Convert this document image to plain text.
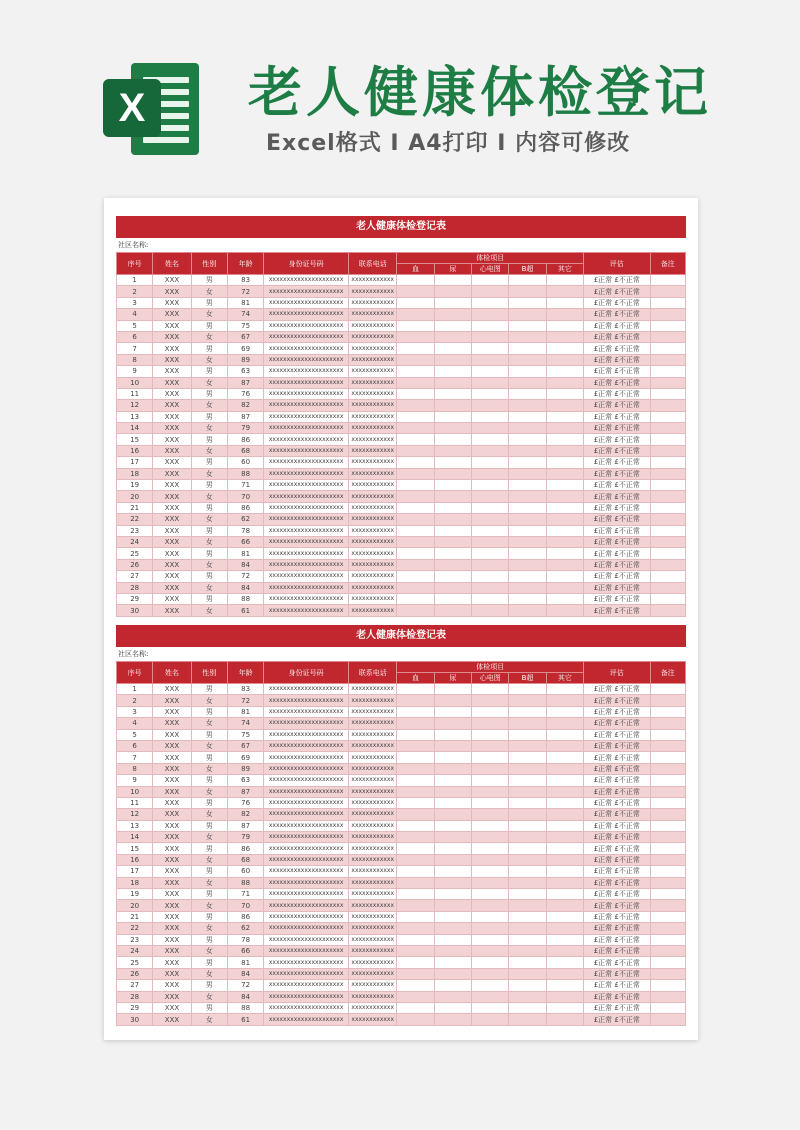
X 老人健康体检登记
Excel格式 I A4打印 I 内容可修改
老人健康体检登记表
社区名称:
序号	姓名	性别	年龄	身份证号码	联系电话	体检项目					评估	备注
						血	尿	心电图	B超	其它		
1	XXX	男	83	xxxxxxxxxxxxxxxxxxxxx	xxxxxxxxxxxx						£正常 £不正常	
2	XXX	女	72	xxxxxxxxxxxxxxxxxxxxx	xxxxxxxxxxxx						£正常 £不正常	
3	XXX	男	81	xxxxxxxxxxxxxxxxxxxxx	xxxxxxxxxxxx						£正常 £不正常	
4	XXX	女	74	xxxxxxxxxxxxxxxxxxxxx	xxxxxxxxxxxx						£正常 £不正常	
5	XXX	男	75	xxxxxxxxxxxxxxxxxxxxx	xxxxxxxxxxxx						£正常 £不正常	
6	XXX	女	67	xxxxxxxxxxxxxxxxxxxxx	xxxxxxxxxxxx						£正常 £不正常	
7	XXX	男	69	xxxxxxxxxxxxxxxxxxxxx	xxxxxxxxxxxx						£正常 £不正常	
8	XXX	女	89	xxxxxxxxxxxxxxxxxxxxx	xxxxxxxxxxxx						£正常 £不正常	
9	XXX	男	63	xxxxxxxxxxxxxxxxxxxxx	xxxxxxxxxxxx						£正常 £不正常	
10	XXX	女	87	xxxxxxxxxxxxxxxxxxxxx	xxxxxxxxxxxx						£正常 £不正常	
11	XXX	男	76	xxxxxxxxxxxxxxxxxxxxx	xxxxxxxxxxxx						£正常 £不正常	
12	XXX	女	82	xxxxxxxxxxxxxxxxxxxxx	xxxxxxxxxxxx						£正常 £不正常	
13	XXX	男	87	xxxxxxxxxxxxxxxxxxxxx	xxxxxxxxxxxx						£正常 £不正常	
14	XXX	女	79	xxxxxxxxxxxxxxxxxxxxx	xxxxxxxxxxxx						£正常 £不正常	
15	XXX	男	86	xxxxxxxxxxxxxxxxxxxxx	xxxxxxxxxxxx						£正常 £不正常	
16	XXX	女	68	xxxxxxxxxxxxxxxxxxxxx	xxxxxxxxxxxx						£正常 £不正常	
17	XXX	男	60	xxxxxxxxxxxxxxxxxxxxx	xxxxxxxxxxxx						£正常 £不正常	
18	XXX	女	88	xxxxxxxxxxxxxxxxxxxxx	xxxxxxxxxxxx						£正常 £不正常	
19	XXX	男	71	xxxxxxxxxxxxxxxxxxxxx	xxxxxxxxxxxx						£正常 £不正常	
20	XXX	女	70	xxxxxxxxxxxxxxxxxxxxx	xxxxxxxxxxxx						£正常 £不正常	
21	XXX	男	86	xxxxxxxxxxxxxxxxxxxxx	xxxxxxxxxxxx						£正常 £不正常	
22	XXX	女	62	xxxxxxxxxxxxxxxxxxxxx	xxxxxxxxxxxx						£正常 £不正常	
23	XXX	男	78	xxxxxxxxxxxxxxxxxxxxx	xxxxxxxxxxxx						£正常 £不正常	
24	XXX	女	66	xxxxxxxxxxxxxxxxxxxxx	xxxxxxxxxxxx						£正常 £不正常	
25	XXX	男	81	xxxxxxxxxxxxxxxxxxxxx	xxxxxxxxxxxx						£正常 £不正常	
26	XXX	女	84	xxxxxxxxxxxxxxxxxxxxx	xxxxxxxxxxxx						£正常 £不正常	
27	XXX	男	72	xxxxxxxxxxxxxxxxxxxxx	xxxxxxxxxxxx						£正常 £不正常	
28	XXX	女	84	xxxxxxxxxxxxxxxxxxxxx	xxxxxxxxxxxx						£正常 £不正常	
29	XXX	男	88	xxxxxxxxxxxxxxxxxxxxx	xxxxxxxxxxxx						£正常 £不正常	
30	XXX	女	61	xxxxxxxxxxxxxxxxxxxxx	xxxxxxxxxxxx						£正常 £不正常	
老人健康体检登记表
社区名称:
序号	姓名	性别	年龄	身份证号码	联系电话	体检项目					评估	备注
						血	尿	心电图	B超	其它		
1	XXX	男	83	xxxxxxxxxxxxxxxxxxxxx	xxxxxxxxxxxx						£正常 £不正常	
2	XXX	女	72	xxxxxxxxxxxxxxxxxxxxx	xxxxxxxxxxxx						£正常 £不正常	
3	XXX	男	81	xxxxxxxxxxxxxxxxxxxxx	xxxxxxxxxxxx						£正常 £不正常	
4	XXX	女	74	xxxxxxxxxxxxxxxxxxxxx	xxxxxxxxxxxx						£正常 £不正常	
5	XXX	男	75	xxxxxxxxxxxxxxxxxxxxx	xxxxxxxxxxxx						£正常 £不正常	
6	XXX	女	67	xxxxxxxxxxxxxxxxxxxxx	xxxxxxxxxxxx						£正常 £不正常	
7	XXX	男	69	xxxxxxxxxxxxxxxxxxxxx	xxxxxxxxxxxx						£正常 £不正常	
8	XXX	女	89	xxxxxxxxxxxxxxxxxxxxx	xxxxxxxxxxxx						£正常 £不正常	
9	XXX	男	63	xxxxxxxxxxxxxxxxxxxxx	xxxxxxxxxxxx						£正常 £不正常	
10	XXX	女	87	xxxxxxxxxxxxxxxxxxxxx	xxxxxxxxxxxx						£正常 £不正常	
11	XXX	男	76	xxxxxxxxxxxxxxxxxxxxx	xxxxxxxxxxxx						£正常 £不正常	
12	XXX	女	82	xxxxxxxxxxxxxxxxxxxxx	xxxxxxxxxxxx						£正常 £不正常	
13	XXX	男	87	xxxxxxxxxxxxxxxxxxxxx	xxxxxxxxxxxx						£正常 £不正常	
14	XXX	女	79	xxxxxxxxxxxxxxxxxxxxx	xxxxxxxxxxxx						£正常 £不正常	
15	XXX	男	86	xxxxxxxxxxxxxxxxxxxxx	xxxxxxxxxxxx						£正常 £不正常	
16	XXX	女	68	xxxxxxxxxxxxxxxxxxxxx	xxxxxxxxxxxx						£正常 £不正常	
17	XXX	男	60	xxxxxxxxxxxxxxxxxxxxx	xxxxxxxxxxxx						£正常 £不正常	
18	XXX	女	88	xxxxxxxxxxxxxxxxxxxxx	xxxxxxxxxxxx						£正常 £不正常	
19	XXX	男	71	xxxxxxxxxxxxxxxxxxxxx	xxxxxxxxxxxx						£正常 £不正常	
20	XXX	女	70	xxxxxxxxxxxxxxxxxxxxx	xxxxxxxxxxxx						£正常 £不正常	
21	XXX	男	86	xxxxxxxxxxxxxxxxxxxxx	xxxxxxxxxxxx						£正常 £不正常	
22	XXX	女	62	xxxxxxxxxxxxxxxxxxxxx	xxxxxxxxxxxx						£正常 £不正常	
23	XXX	男	78	xxxxxxxxxxxxxxxxxxxxx	xxxxxxxxxxxx						£正常 £不正常	
24	XXX	女	66	xxxxxxxxxxxxxxxxxxxxx	xxxxxxxxxxxx						£正常 £不正常	
25	XXX	男	81	xxxxxxxxxxxxxxxxxxxxx	xxxxxxxxxxxx						£正常 £不正常	
26	XXX	女	84	xxxxxxxxxxxxxxxxxxxxx	xxxxxxxxxxxx						£正常 £不正常	
27	XXX	男	72	xxxxxxxxxxxxxxxxxxxxx	xxxxxxxxxxxx						£正常 £不正常	
28	XXX	女	84	xxxxxxxxxxxxxxxxxxxxx	xxxxxxxxxxxx						£正常 £不正常	
29	XXX	男	88	xxxxxxxxxxxxxxxxxxxxx	xxxxxxxxxxxx						£正常 £不正常	
30	XXX	女	61	xxxxxxxxxxxxxxxxxxxxx	xxxxxxxxxxxx						£正常 £不正常	
